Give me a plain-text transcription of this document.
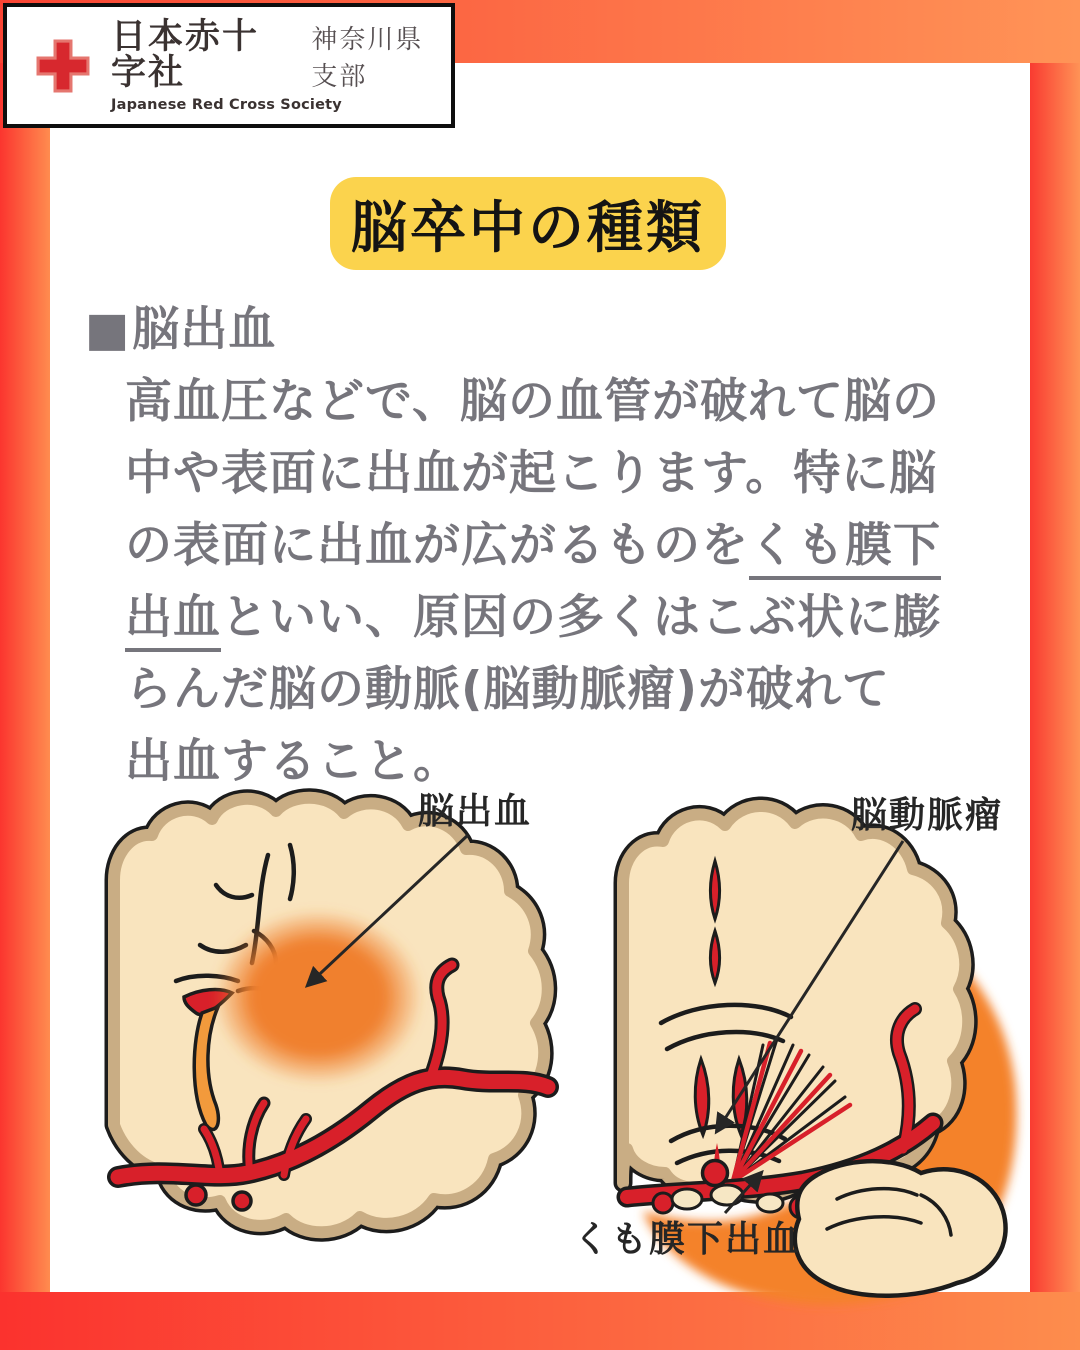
日本赤十字社
神奈川県支部
Japanese Red Cross Society
脳卒中の種類
■脳出血
高血圧などで、脳の血管が破れて脳の
中や表面に出血が起こります。特に脳
の表面に出血が広がるものをくも膜下
出血といい、原因の多くはこぶ状に膨
らんだ脳の動脈(脳動脈瘤)が破れて
出血すること。
脳出血	脳動脈瘤
くも膜下出血
